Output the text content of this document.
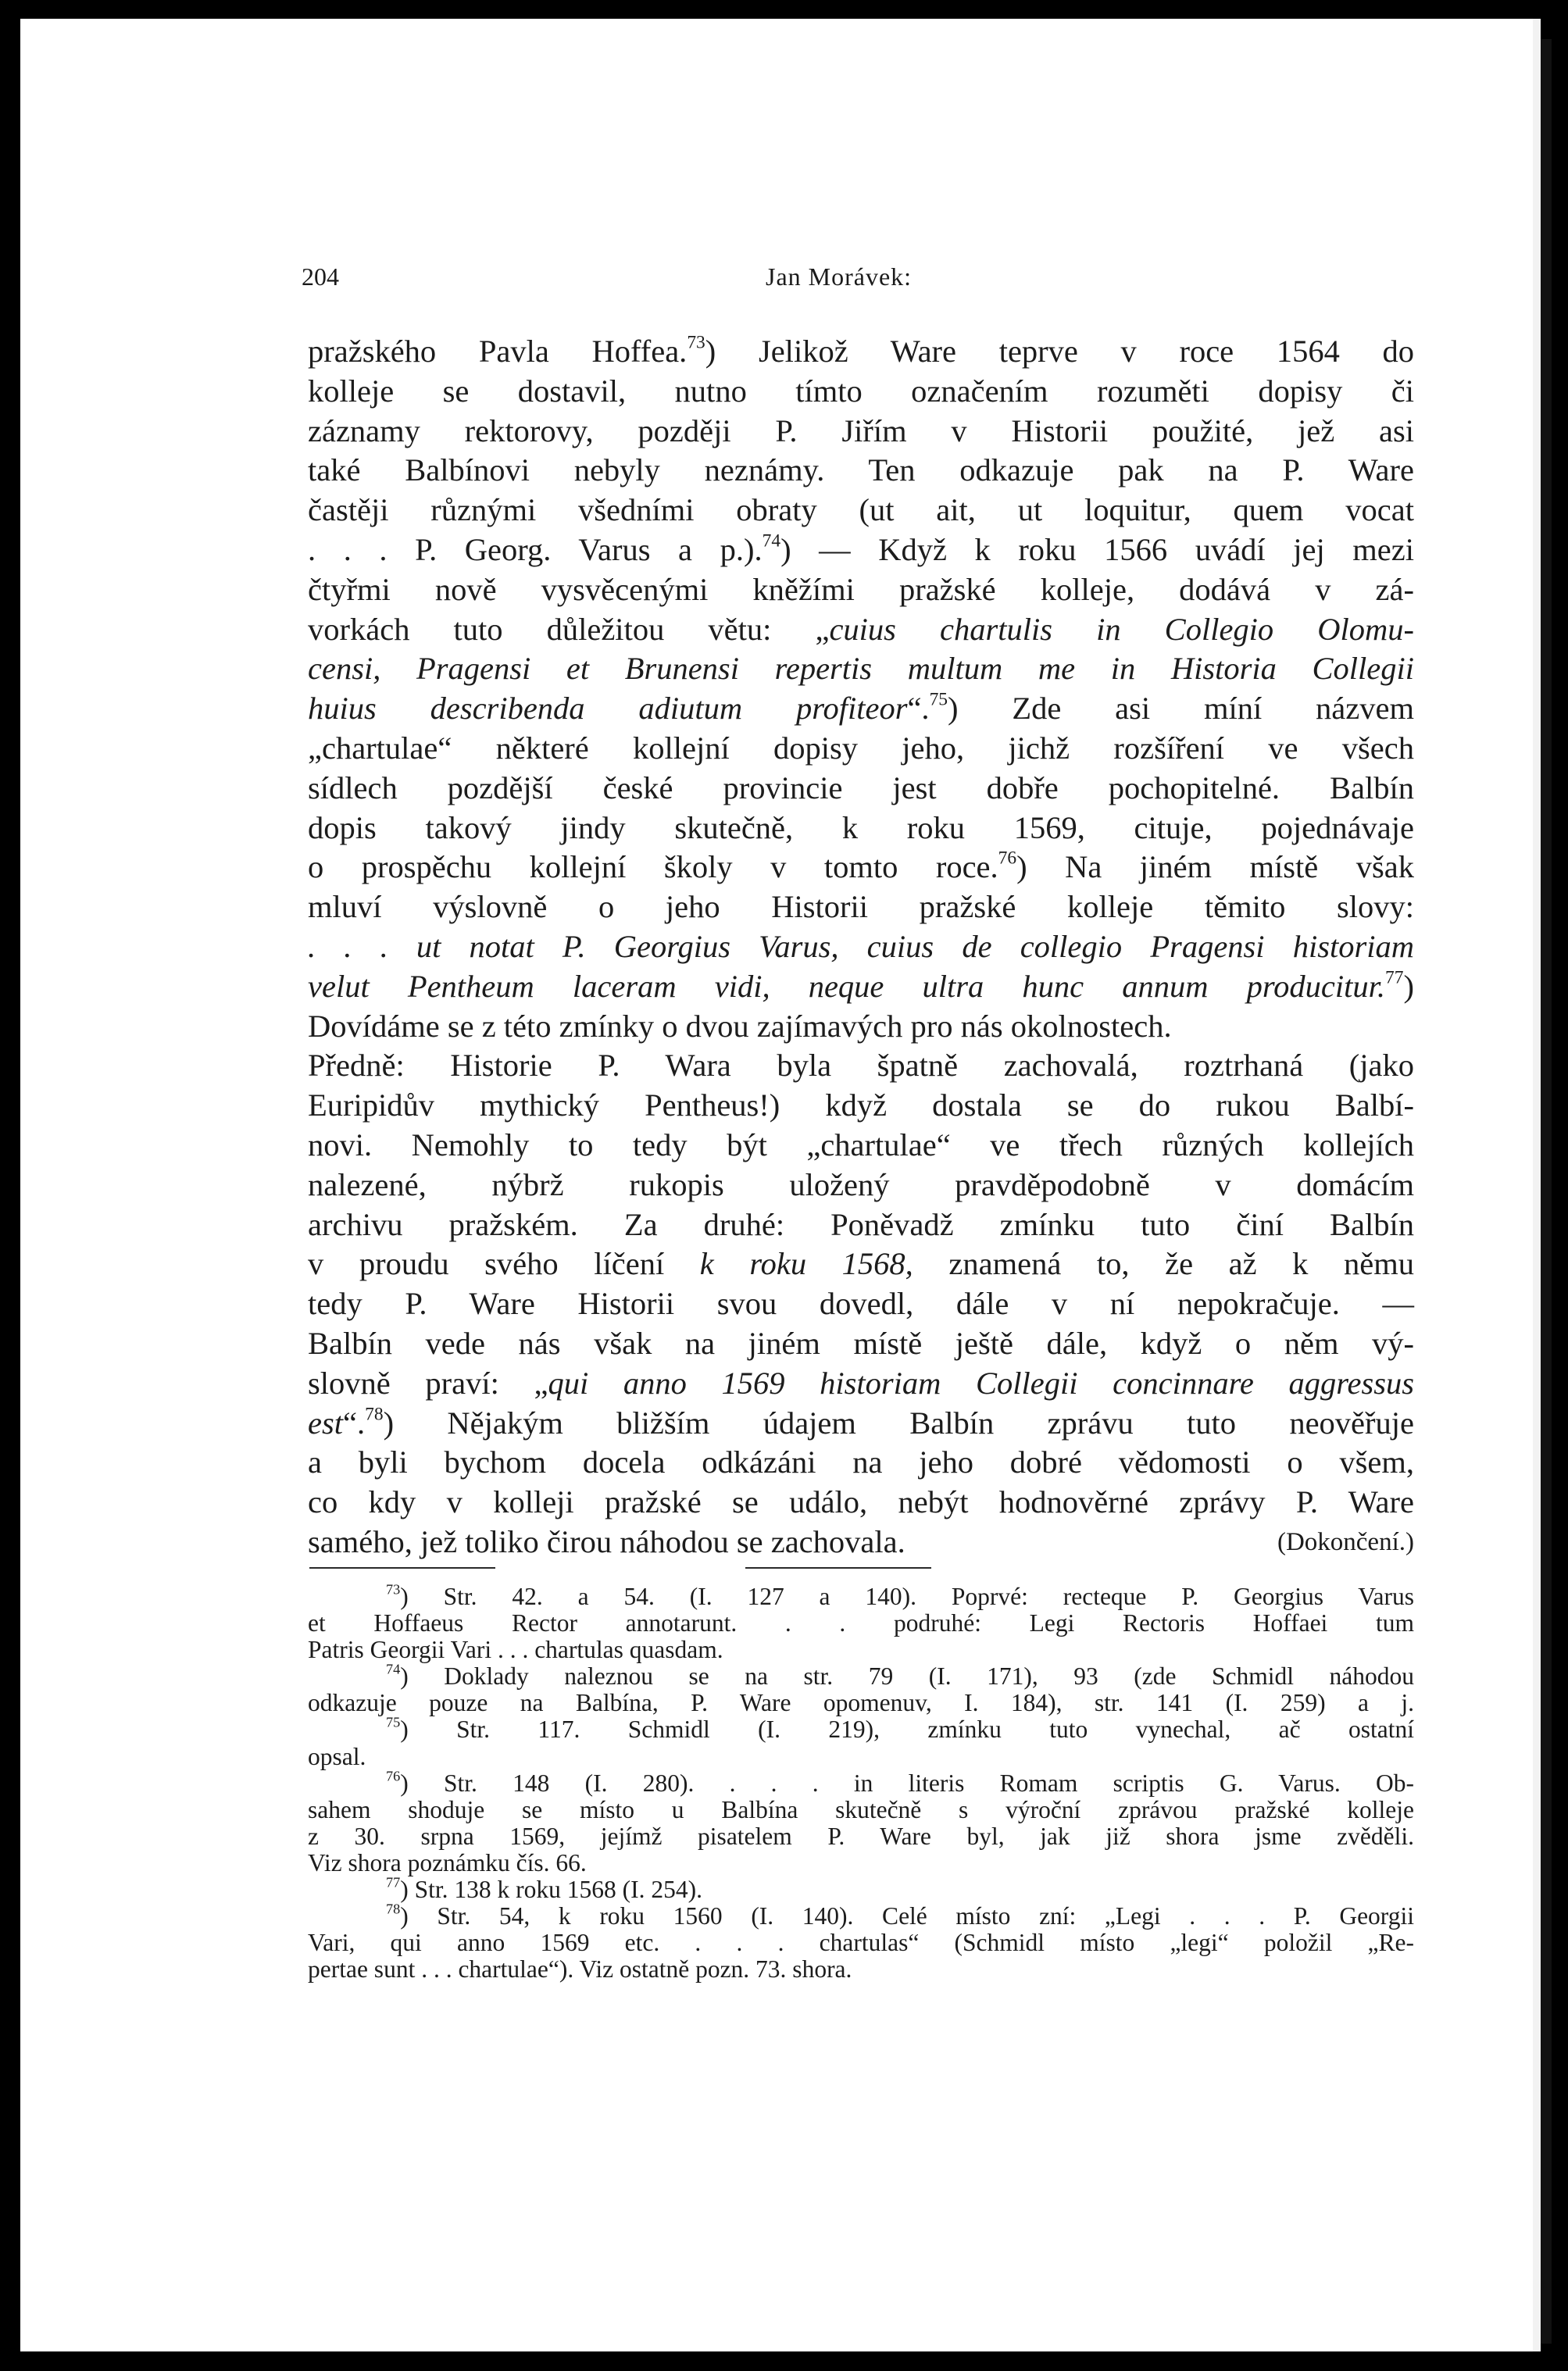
204	Jan Morávek:
pražského Pavla Hoffea.$^{73}$) Jelikož Ware teprve v roce 1564 do
kolleje se dostavil, nutno tímto označením rozuměti dopisy či
záznamy rektorovy, později P. Jiřím v Historii použité, jež asi
také Balbínovi nebyly neznámy. Ten odkazuje pak na P. Ware
častěji různými všedními obraty (ut ait, ut loquitur, quem vocat
. . . P. Georg. Varus a p.).$^{74}$) — Když k roku 1566 uvádí jej mezi
čtyřmi nově vysvěcenými kněžími pražské kolleje, dodává v zá-
vorkách tuto důležitou větu: „cuius chartulis in Collegio Olomu-
censi, Pragensi et Brunensi repertis multum me in Historia Collegii
huius describenda adiutum profiteor“.$^{75}$) Zde asi míní názvem
„chartulae“ některé kollejní dopisy jeho, jichž rozšíření ve všech
sídlech pozdější české provincie jest dobře pochopitelné. Balbín
dopis takový jindy skutečně, k roku 1569, cituje, pojednávaje
o prospěchu kollejní školy v tomto roce.$^{76}$) Na jiném místě však
mluví výslovně o jeho Historii pražské kolleje těmito slovy:
. . . ut notat P. Georgius Varus, cuius de collegio Pragensi historiam
velut Pentheum laceram vidi, neque ultra hunc annum producitur.$^{77}$)
Dovídáme se z této zmínky o dvou zajímavých pro nás okolnostech.
Předně: Historie P. Wara byla špatně zachovalá, roztrhaná (jako
Euripidův mythický Pentheus!) když dostala se do rukou Balbí-
novi. Nemohly to tedy být „chartulae“ ve třech různých kollejích
nalezené, nýbrž rukopis uložený pravděpodobně v domácím
archivu pražském. Za druhé: Poněvadž zmínku tuto činí Balbín
v proudu svého líčení k roku 1568, znamená to, že až k němu
tedy P. Ware Historii svou dovedl, dále v ní nepokračuje. —
Balbín vede nás však na jiném místě ještě dále, když o něm vý-
slovně praví: „qui anno 1569 historiam Collegii concinnare aggressus
est“.$^{78}$) Nějakým bližším údajem Balbín zprávu tuto neověřuje
a byli bychom docela odkázáni na jeho dobré vědomosti o všem,
co kdy v kolleji pražské se událo, nebýt hodnověrné zprávy P. Ware
samého, jež toliko čirou náhodou se zachovala.	(Dokončení.)
$^{73}$) Str. 42. a 54. (I. 127 a 140). Poprvé: recteque P. Georgius Varus
et Hoffaeus Rector annotarunt. . . podruhé: Legi Rectoris Hoffaei tum
Patris Georgii Vari . . . chartulas quasdam.
$^{74}$) Doklady naleznou se na str. 79 (I. 171), 93 (zde Schmidl náhodou
odkazuje pouze na Balbína, P. Ware opomenuv, I. 184), str. 141 (I. 259) a j.
$^{75}$) Str. 117. Schmidl (I. 219), zmínku tuto vynechal, ač ostatní
opsal.
$^{76}$) Str. 148 (I. 280). . . . in literis Romam scriptis G. Varus. Ob-
sahem shoduje se místo u Balbína skutečně s výroční zprávou pražské kolleje
z 30. srpna 1569, jejímž pisatelem P. Ware byl, jak již shora jsme zvěděli.
Viz shora poznámku čís. 66.
$^{77}$) Str. 138 k roku 1568 (I. 254).
$^{78}$) Str. 54, k roku 1560 (I. 140). Celé místo zní: „Legi . . . P. Georgii
Vari, qui anno 1569 etc. . . . chartulas“ (Schmidl místo „legi“ položil „Re-
pertae sunt . . . chartulae“). Viz ostatně pozn. 73. shora.
